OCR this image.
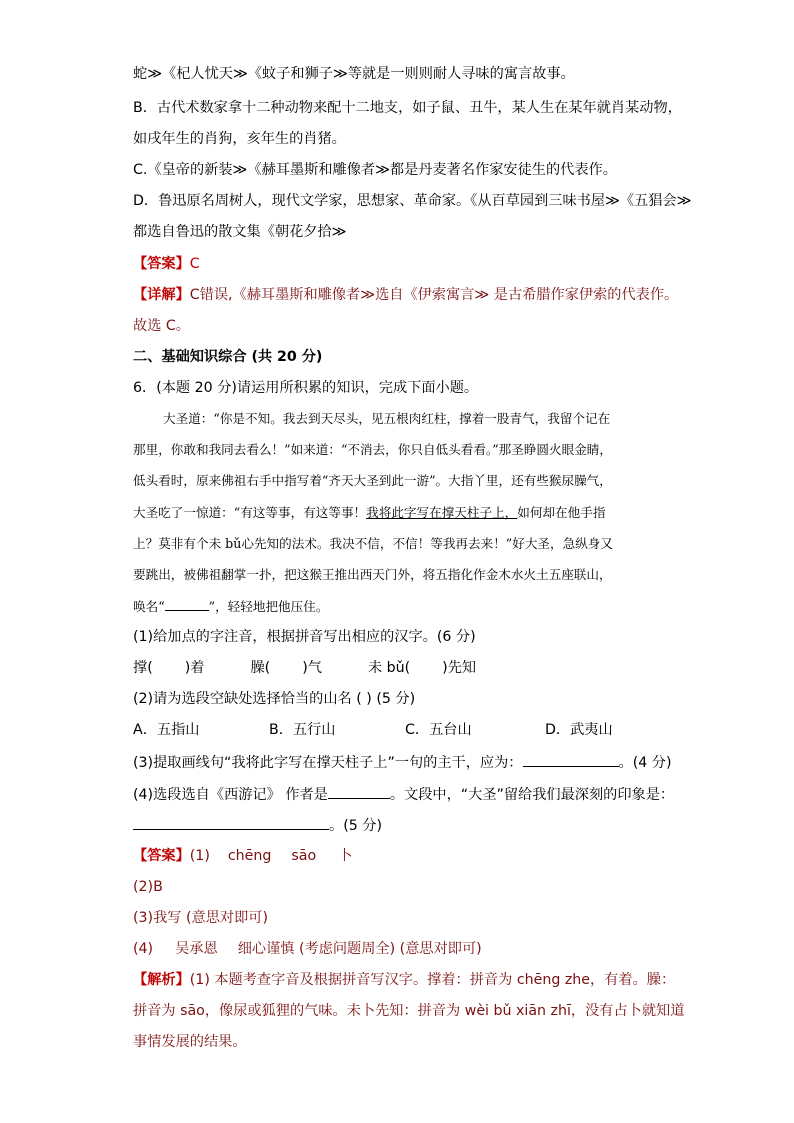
蛇≫《杞人忧天≫《蚊子和狮子≫等就是一则则耐人寻味的寓言故事。
B．古代术数家拿十二种动物来配十二地支，如子鼠、丑牛，某人生在某年就肖某动物，
如戌年生的肖狗，亥年生的肖猪。
C.《皇帝的新装≫《赫耳墨斯和雕像者≫都是丹麦著名作家安徒生的代表作。
D．鲁迅原名周树人，现代文学家，思想家、革命家。《从百草园到三味书屋≫《五猖会≫
都选自鲁迅的散文集《朝花夕拾≫
【答案】C
【详解】C错误,《赫耳墨斯和雕像者≫选自《伊索寓言≫ 是古希腊作家伊索的代表作。
故选 C。
二、基础知识综合 (共 20 分)
6．(本题 20 分)请运用所积累的知识，完成下面小题。
大圣道：“你是不知。我去到天尽头，见五根肉红柱，撑着一股青气，我留个记在
那里，你敢和我同去看么！”如来道：“不消去，你只自低头看看。”那圣睁圆火眼金睛，
低头看时，原来佛祖右手中指写着“齐天大圣到此一游”。大指丫里，还有些猴尿臊气，
大圣吃了一惊道：“有这等事，有这等事！我将此字写在撑天柱子上，如何却在他手指
上？莫非有个未 bǔ心先知的法术。我决不信，不信！等我再去来！”好大圣，急纵身又
要跳出，被佛祖翻掌一扑，把这猴王推出西天门外，将五指化作金木水火土五座联山，
唤名“	”，轻轻地把他压住。
(1)给加点的字注音，根据拼音写出相应的汉字。(6 分)
撑( )着	臊( )气	未 bǔ( )先知
(2)请为选段空缺处选择恰当的山名 ( ) (5 分)
A．五指山	B．五行山	C．五台山	D．武夷山
(3)提取画线句“我将此字写在撑天柱子上”一句的主干，应为：	。(4 分)
(4)选段选自《西游记》 作者是	。文段中，“大圣”留给我们最深刻的印象是：
。(5 分)
【答案】(1) chēng sāo 卜
(2)B
(3)我写 (意思对即可)
(4) 吴承恩 细心谨慎 (考虑问题周全) (意思对即可)
【解析】(1) 本题考查字音及根据拼音写汉字。撑着：拼音为 chēng zhe，有着。臊：
拼音为 sāo，像尿或狐狸的气味。未卜先知：拼音为 wèi bǔ xiān zhī，没有占卜就知道
事情发展的结果。
